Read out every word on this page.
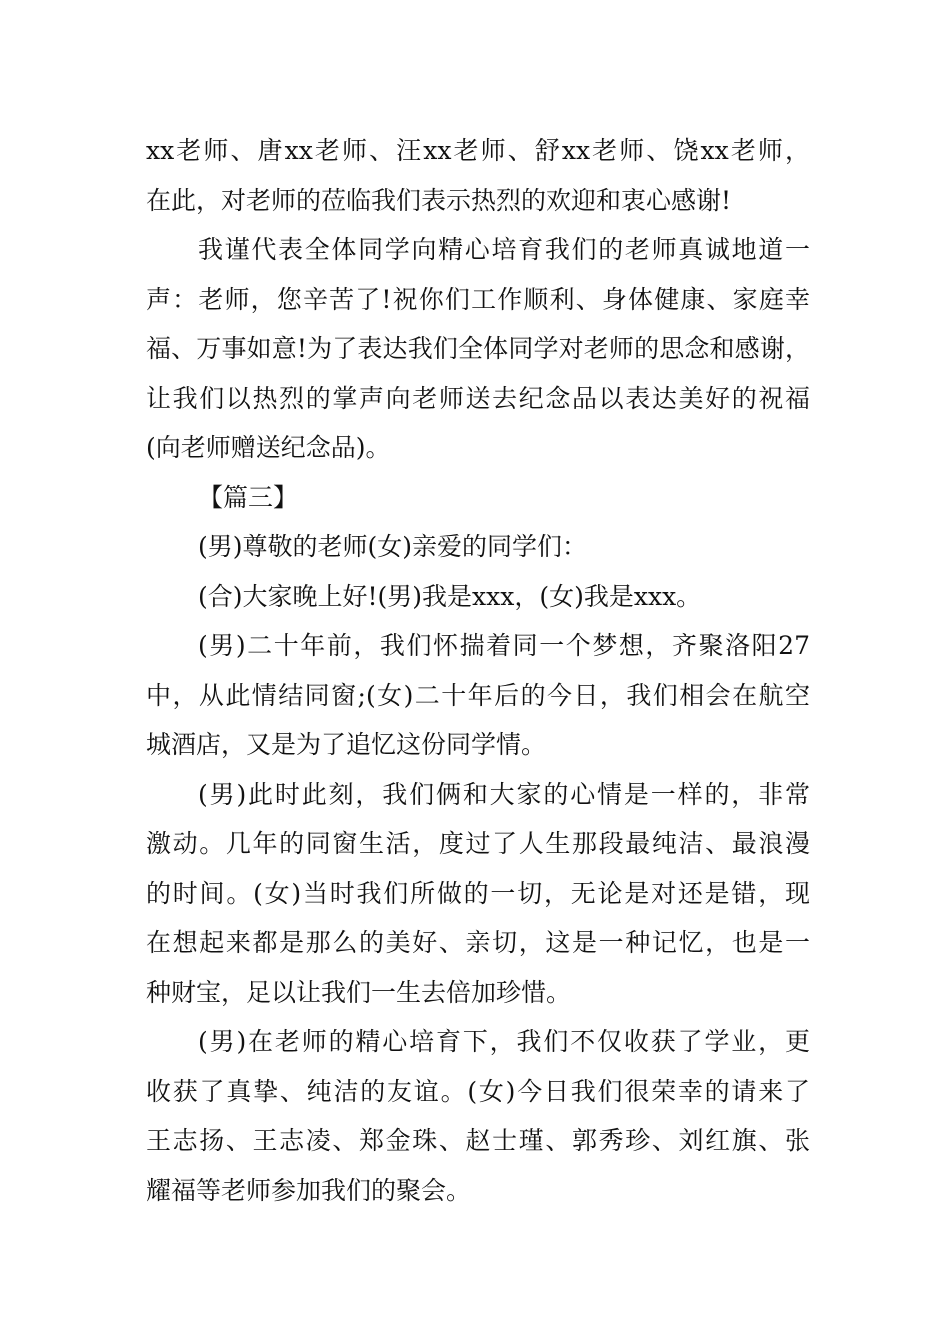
xx老师、唐xx老师、汪xx老师、舒xx老师、饶xx老师，
在此，对老师的莅临我们表示热烈的欢迎和衷心感谢!
我谨代表全体同学向精心培育我们的老师真诚地道一
声：老师，您辛苦了!祝你们工作顺利、身体健康、家庭幸
福、万事如意!为了表达我们全体同学对老师的思念和感谢，
让我们以热烈的掌声向老师送去纪念品以表达美好的祝福
(向老师赠送纪念品)。
【篇三】
(男)尊敬的老师(女)亲爱的同学们：
(合)大家晚上好!(男)我是xxx，(女)我是xxx。
(男)二十年前，我们怀揣着同一个梦想，齐聚洛阳27
中，从此情结同窗;(女)二十年后的今日，我们相会在航空
城酒店，又是为了追忆这份同学情。
(男)此时此刻，我们俩和大家的心情是一样的，非常
激动。几年的同窗生活，度过了人生那段最纯洁、最浪漫
的时间。(女)当时我们所做的一切，无论是对还是错，现
在想起来都是那么的美好、亲切，这是一种记忆，也是一
种财宝，足以让我们一生去倍加珍惜。
(男)在老师的精心培育下，我们不仅收获了学业，更
收获了真挚、纯洁的友谊。(女)今日我们很荣幸的请来了
王志扬、王志凌、郑金珠、赵士瑾、郭秀珍、刘红旗、张
耀福等老师参加我们的聚会。
